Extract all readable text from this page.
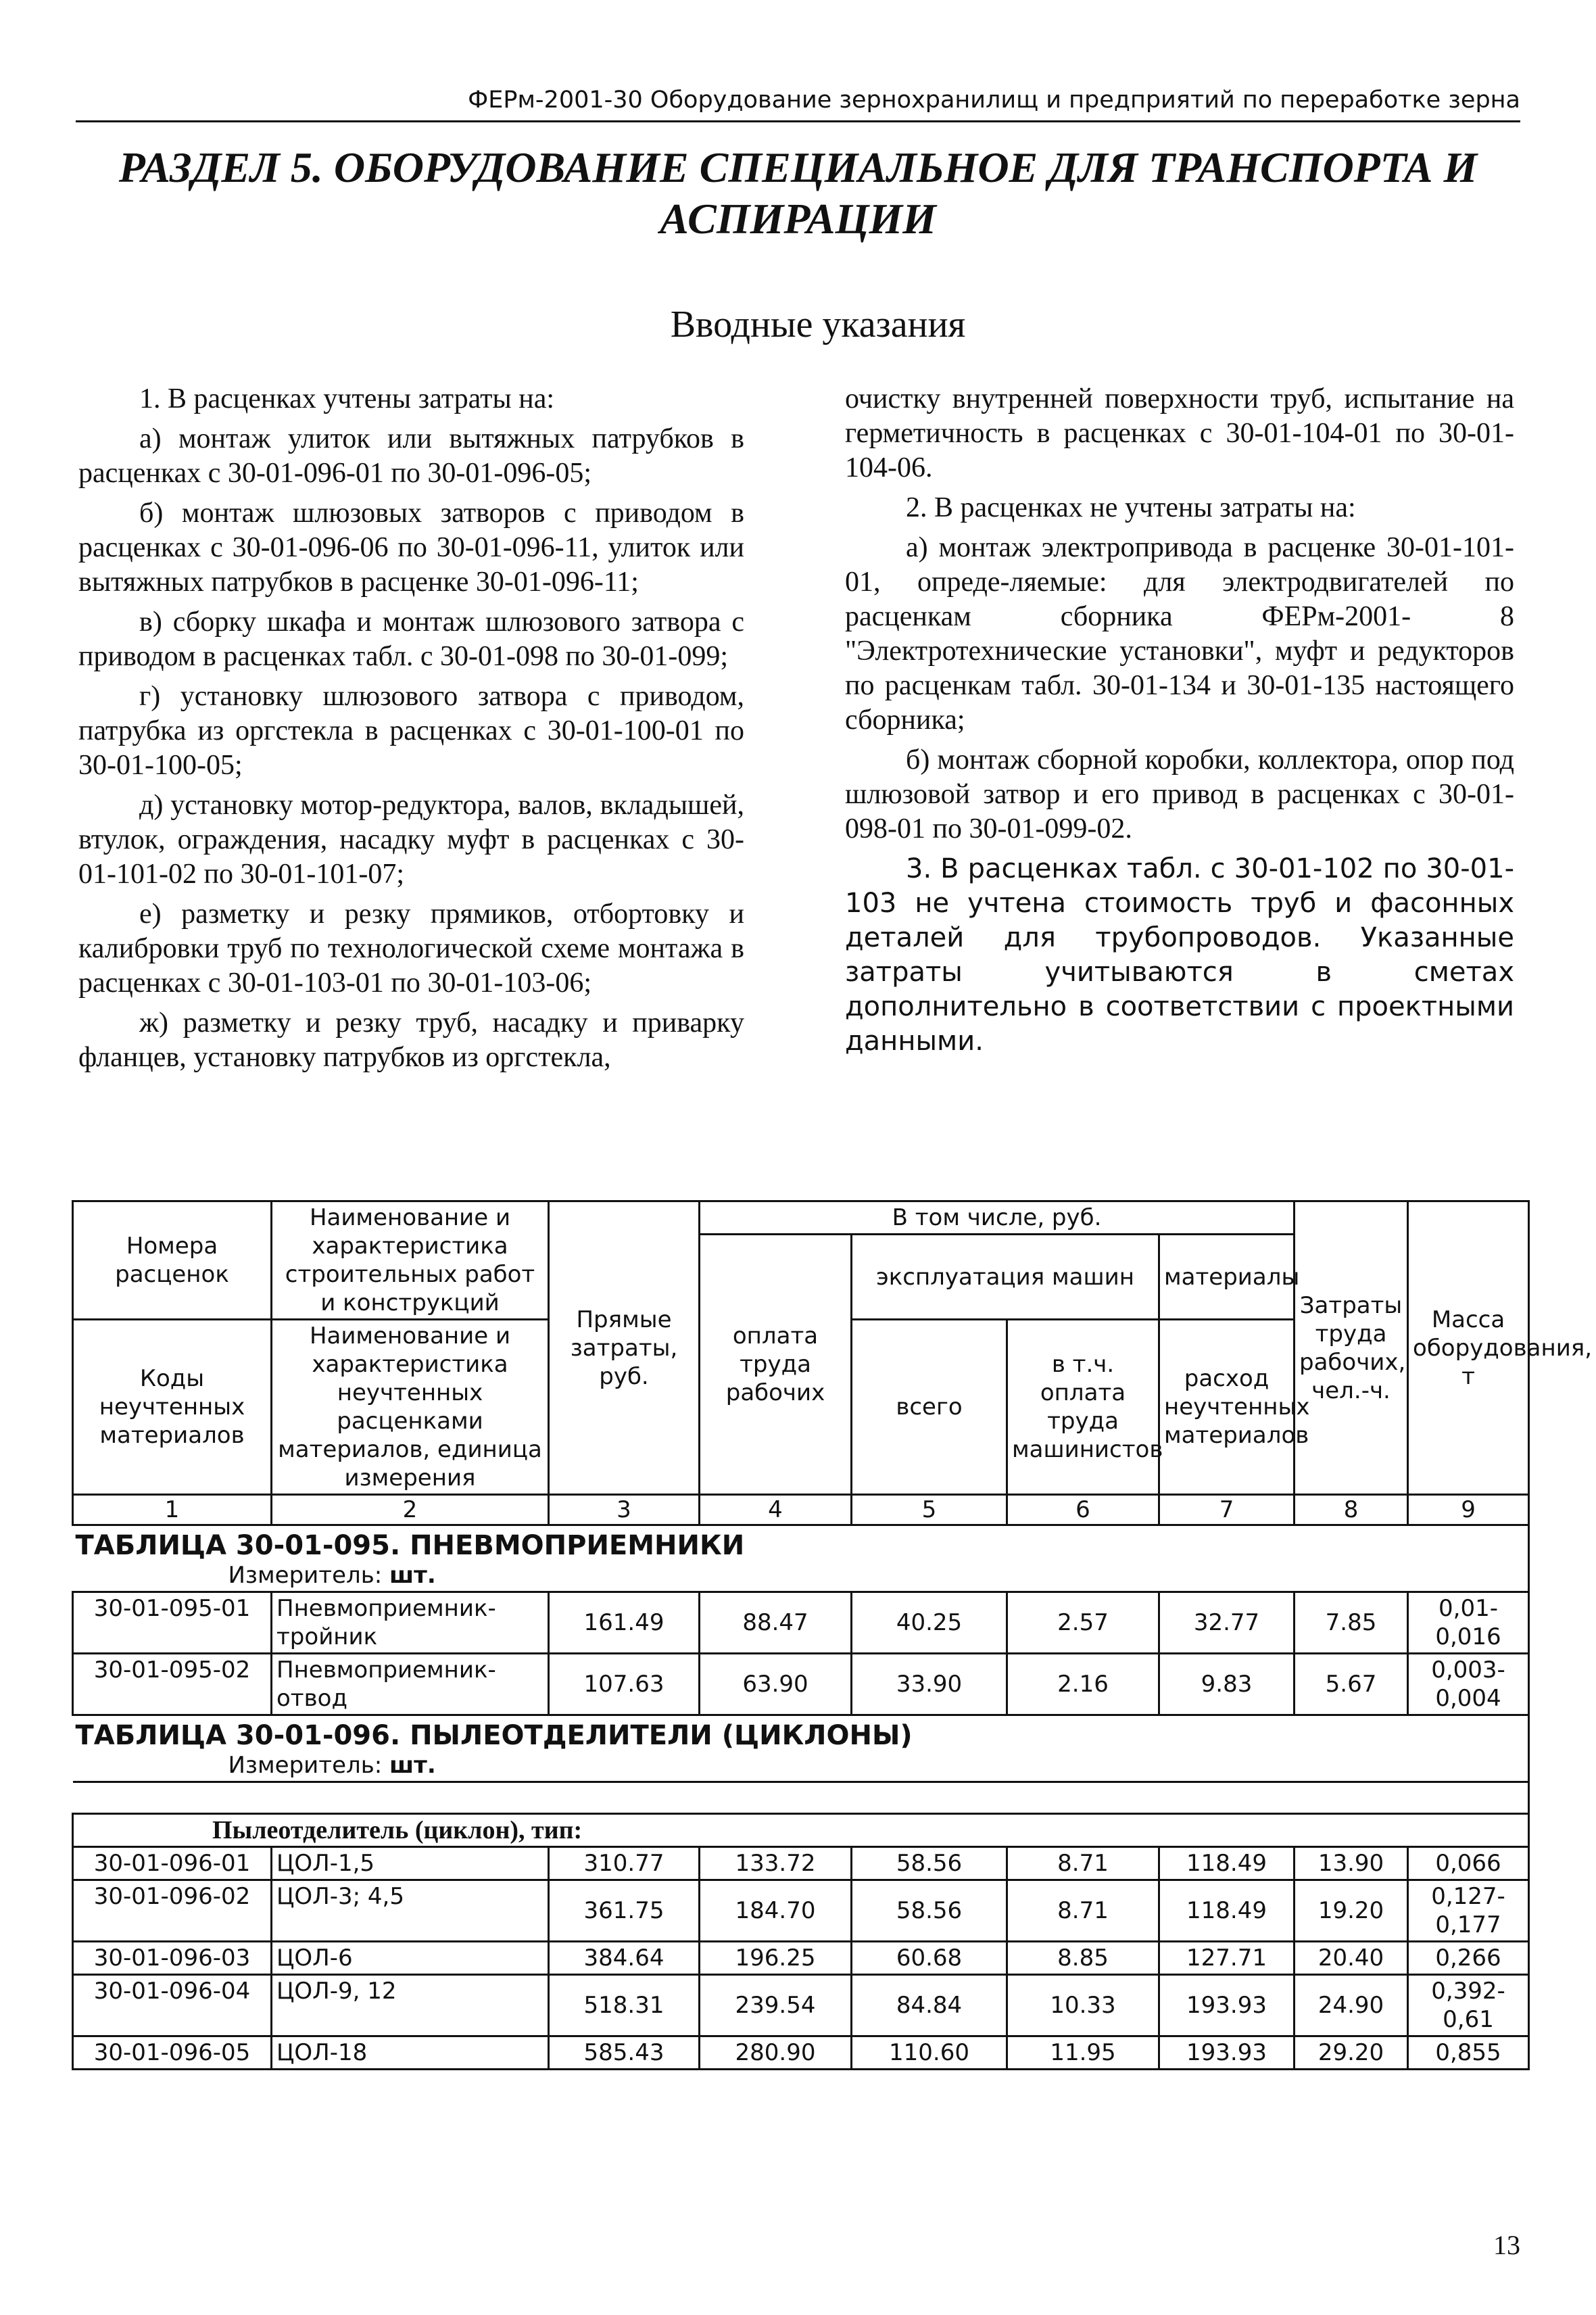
ФЕРм-2001-30 Оборудование зернохранилищ и предприятий по переработке зерна
РАЗДЕЛ 5. ОБОРУДОВАНИЕ СПЕЦИАЛЬНОЕ ДЛЯ ТРАНСПОРТА И АСПИРАЦИИ
Вводные указания

1. В расценках учтены затраты на:

а) монтаж улиток или вытяжных патрубков в расценках с 30-01-096-01 по 30-01-096-05;

б) монтаж шлюзовых затворов с приводом в расценках с 30-01-096-06 по 30-01-096-11, улиток или вытяжных патрубков в расценке 30-01-096-11;

в) сборку шкафа и монтаж шлюзового затвора с приводом в расценках табл. с 30-01-098 по 30-01-099;

г) установку шлюзового затвора с приводом, патрубка из оргстекла в расценках с 30-01-100-01 по 30-01-100-05;

д) установку мотор-редуктора, валов, вкладышей, втулок, ограждения, насадку муфт в расценках с 30-01-101-02 по 30-01-101-07;

е) разметку и резку прямиков, отбортовку и калибровки труб по технологической схеме монтажа в расценках с 30-01-103-01 по 30-01-103-06;

ж) разметку и резку труб, насадку и приварку фланцев, установку патрубков из оргстекла,

очистку внутренней поверхности труб, испытание на герметичность в расценках с 30-01-104-01 по 30-01-104-06.

2. В расценках не учтены затраты на:

а) монтаж электропривода в расценке 30-01-101-01, опреде-ляемые: для электродвигателей по расценкам сборника ФЕРм-2001- 8 "Электротехнические установки", муфт и редукторов по расценкам табл. 30-01-134 и 30-01-135 настоящего сборника;

б) монтаж сборной коробки, коллектора, опор под шлюзовой затвор и его привод в расценках с 30-01-098-01 по 30-01-099-02.

3. В расценках табл. с 30-01-102 по 30-01-103 не учтена стоимость труб и фасонных деталей для трубопроводов. Указанные затраты учитываются в сметах дополнительно в соответствии с проектными данными.

Номера расценок	Наименование и характеристика строительных работ и конструкций	Прямые затраты, руб.	В том числе, руб.				Затраты труда рабочих, чел.-ч.	Масса оборудования, т
			оплата труда рабочих	эксплуатация машин		материалы		

Коды неучтенных материалов	Наименование и характеристика неучтенных расценками материалов, единица измерения			всего	в т.ч. оплата труда машинистов	расход неучтенных материалов		

1	2	3	4	5	6	7	8	9
ТАБЛИЦА 30-01-095. ПНЕВМОПРИЕМНИКИ								
Измеритель: шт.								
30-01-095-01	Пневмоприемник-тройник	161.49	88.47	40.25	2.57	32.77	7.85	0,01-0,016
30-01-095-02	Пневмоприемник-отвод	107.63	63.90	33.90	2.16	9.83	5.67	0,003-0,004
ТАБЛИЦА 30-01-096. ПЫЛЕОТДЕЛИТЕЛИ (ЦИКЛОНЫ)								
Измеритель: шт.								

Пылеотделитель (циклон), тип:								
30-01-096-01	ЦОЛ-1,5	310.77	133.72	58.56	8.71	118.49	13.90	0,066
30-01-096-02	ЦОЛ-3; 4,5	361.75	184.70	58.56	8.71	118.49	19.20	0,127-0,177
30-01-096-03	ЦОЛ-6	384.64	196.25	60.68	8.85	127.71	20.40	0,266
30-01-096-04	ЦОЛ-9, 12	518.31	239.54	84.84	10.33	193.93	24.90	0,392-0,61
30-01-096-05	ЦОЛ-18	585.43	280.90	110.60	11.95	193.93	29.20	0,855
13
